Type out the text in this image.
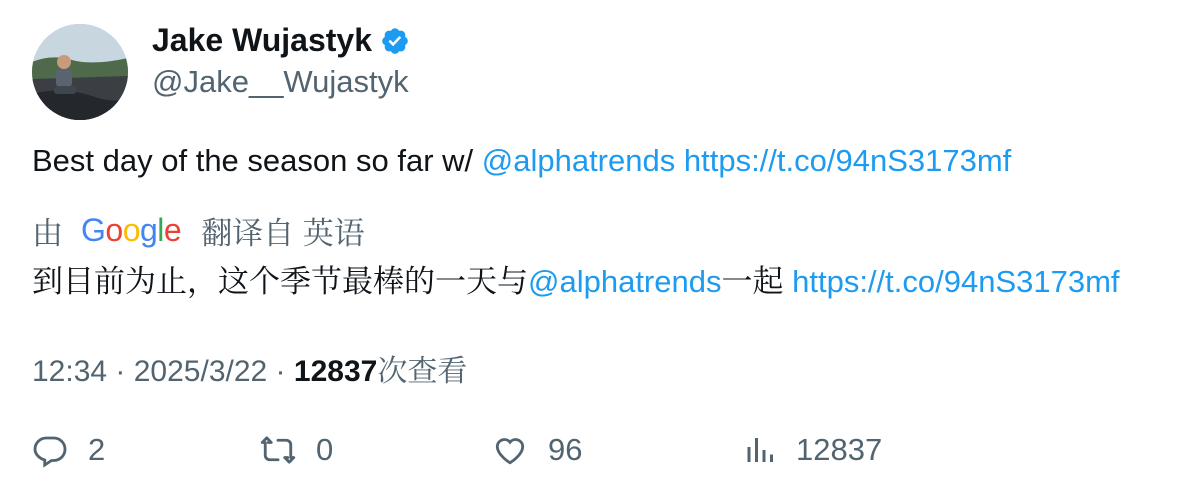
Jake Wujastyk
@Jake__Wujastyk
Best day of the season so far w/ @alphatrends https://t.co/94nS3173mf
由 G o o g l e 翻译自 英语
到目前为止，这个季节最棒的一天与@alphatrends一起 https://t.co/94nS3173mf
12:34 · 2025/3/22 · 12837次查看
2	0	96	12837
